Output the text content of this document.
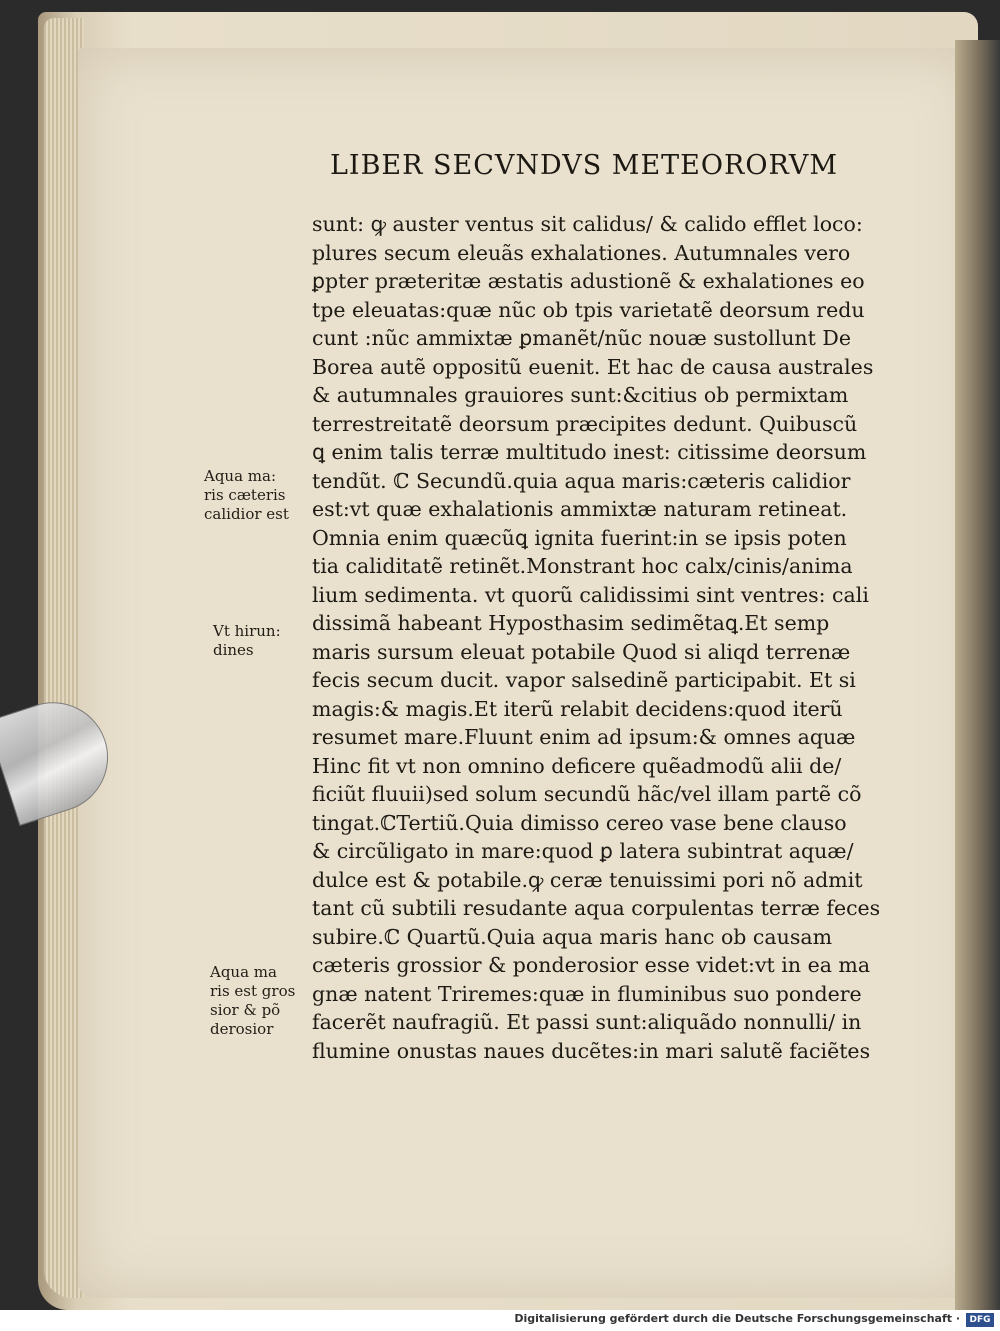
LIBER SECVNDVS METEORORVM

sunt: ꝙ auster ventus sit calidus/ & calido efflet loco:

plures secum eleuãs exhalationes. Autumnales vero

ꝑpter præteritæ æstatis adustionẽ & exhalationes eo

tpe eleuatas:quæ nũc ob tpis varietatẽ deorsum redu

cunt :nũc ammixtæ ꝑmanẽt/nũc nouæ sustollunt De

Borea autẽ oppositũ euenit. Et hac de causa australes

& autumnales grauiores sunt:&citius ob permixtam

terrestreitatẽ deorsum præcipites dedunt. Quibuscũ

ꝗ enim talis terræ multitudo inest: citissime deorsum

tendũt. ℂ Secundũ.quia aqua maris:cæteris calidior

est:vt quæ exhalationis ammixtæ naturam retineat.

Omnia enim quæcũꝗ ignita fuerint:in se ipsis poten

tia caliditatẽ retinẽt.Monstrant hoc calx/cinis/anima

lium sedimenta. vt quorũ calidissimi sint ventres: cali

dissimã habeant Hyposthasim sedimẽtaꝗ.Et semp

maris sursum eleuat potabile Quod si aliqd terrenæ

fecis secum ducit. vapor salsedinẽ participabit. Et si

magis:& magis.Et iterũ relabit decidens:quod iterũ

resumet mare.Fluunt enim ad ipsum:& omnes aquæ

Hinc fit vt non omnino deficere quẽadmodũ alii de/

ficiũt fluuii)sed solum secundũ hãc/vel illam partẽ cõ

tingat.ℂTertiũ.Quia dimisso cereo vase bene clauso

& circũligato in mare:quod ꝑ latera subintrat aquæ/

dulce est & potabile.ꝙ ceræ tenuissimi pori nõ admit

tant cũ subtili resudante aqua corpulentas terræ feces

subire.ℂ Quartũ.Quia aqua maris hanc ob causam

cæteris grossior & ponderosior esse videt:vt in ea ma

gnæ natent Triremes:quæ in fluminibus suo pondere

facerẽt naufragiũ. Et passi sunt:aliquãdo nonnulli/ in

flumine onustas naues ducẽtes:in mari salutẽ faciẽtes

Aqua ma:

ris cæteris

calidior est

Vt hirun:

dines

Aqua ma

ris est gros

sior & põ

derosior

Digitalisierung gefördert durch die Deutsche Forschungsgemeinschaft ·	DFG
